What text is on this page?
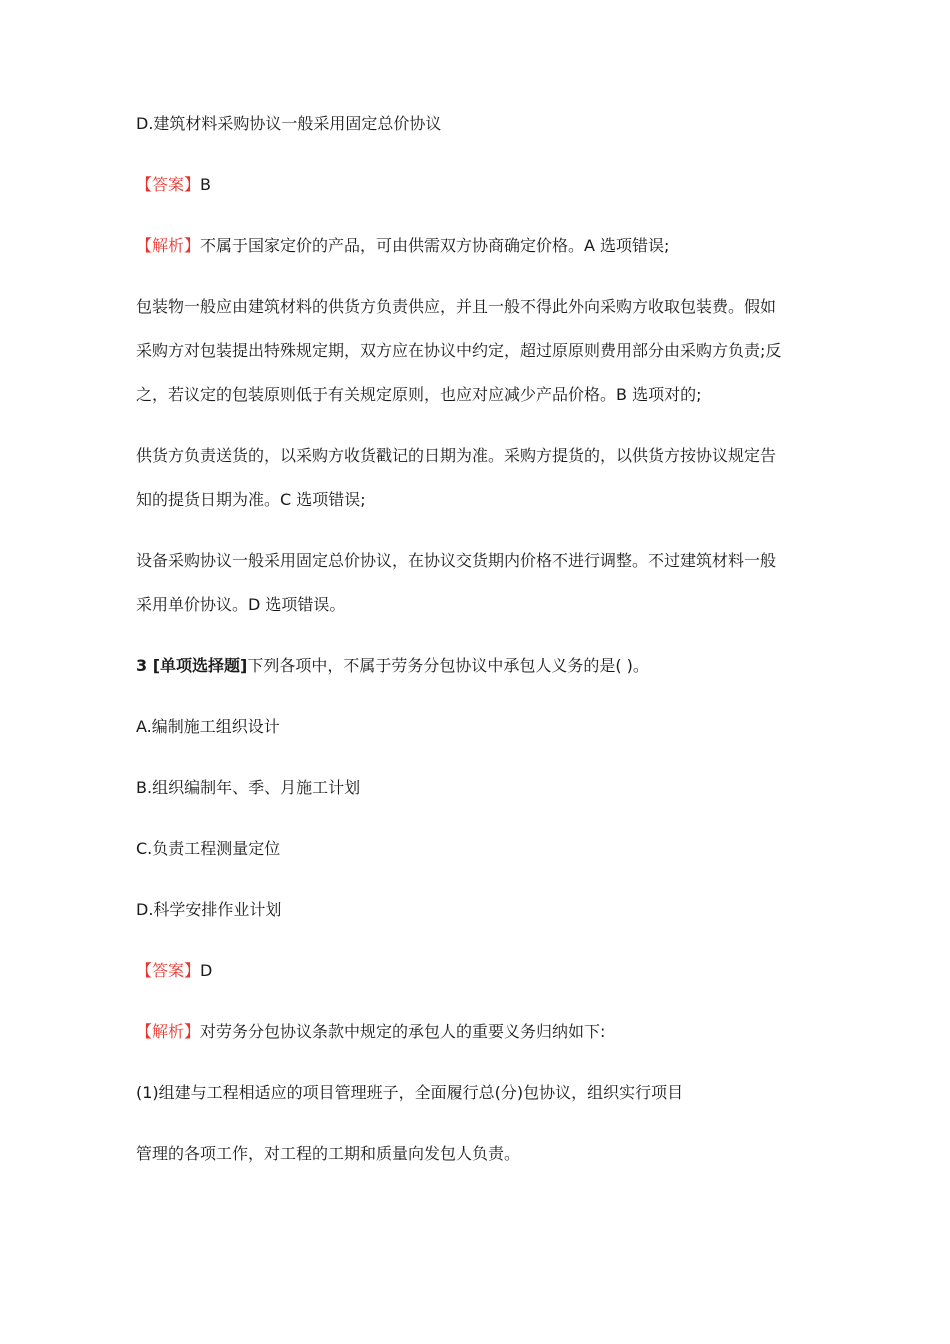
D.建筑材料采购协议一般采用固定总价协议
【答案】B
【解析】不属于国家定价的产品，可由供需双方协商确定价格。A 选项错误;
包装物一般应由建筑材料的供货方负责供应，并且一般不得此外向采购方收取包装费。假如
采购方对包装提出特殊规定期，双方应在协议中约定，超过原原则费用部分由采购方负责;反
之，若议定的包装原则低于有关规定原则，也应对应减少产品价格。B 选项对的;
供货方负责送货的，以采购方收货戳记的日期为准。采购方提货的，以供货方按协议规定告
知的提货日期为准。C 选项错误;
设备采购协议一般采用固定总价协议，在协议交货期内价格不进行调整。不过建筑材料一般
采用单价协议。D 选项错误。
3 [单项选择题]下列各项中，不属于劳务分包协议中承包人义务的是( )。
A.编制施工组织设计
B.组织编制年、季、月施工计划
C.负责工程测量定位
D.科学安排作业计划
【答案】D
【解析】对劳务分包协议条款中规定的承包人的重要义务归纳如下:
(1)组建与工程相适应的项目管理班子，全面履行总(分)包协议，组织实行项目
管理的各项工作，对工程的工期和质量向发包人负责。
